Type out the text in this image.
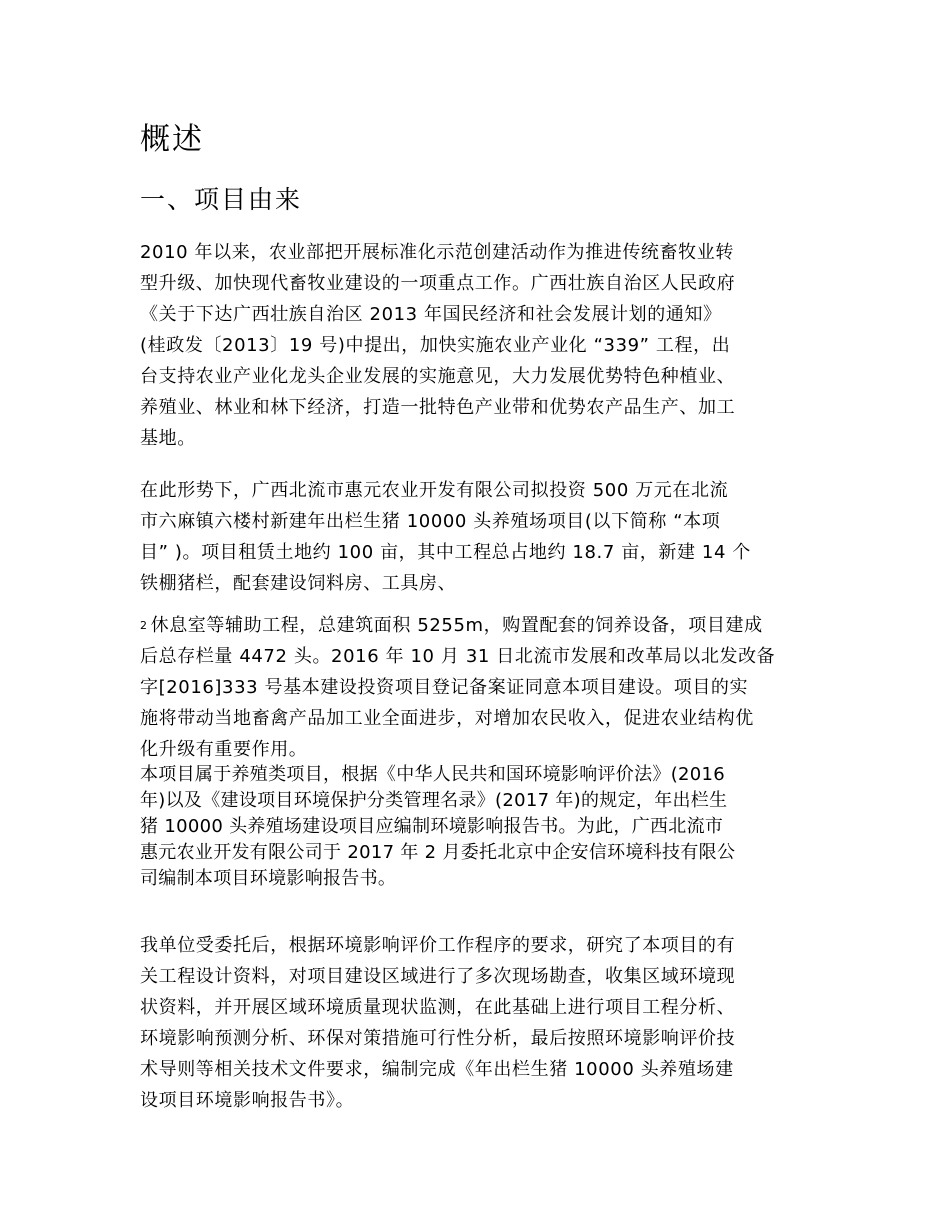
概述
一、项目由来
2010 年以来，农业部把开展标准化示范创建活动作为推进传统畜牧业转
型升级、加快现代畜牧业建设的一项重点工作。广西壮族自治区人民政府
《关于下达广西壮族自治区 2013 年国民经济和社会发展计划的通知》
(桂政发〔2013〕19 号)中提出，加快实施农业产业化 “339” 工程，出
台支持农业产业化龙头企业发展的实施意见，大力发展优势特色种植业、
养殖业、林业和林下经济，打造一批特色产业带和优势农产品生产、加工
基地。
在此形势下，广西北流市惠元农业开发有限公司拟投资 500 万元在北流
市六麻镇六楼村新建年出栏生猪 10000 头养殖场项目(以下简称 “本项
目” )。项目租赁土地约 100 亩，其中工程总占地约 18.7 亩，新建 14 个
铁棚猪栏，配套建设饲料房、工具房、
2 休息室等辅助工程，总建筑面积 5255m，购置配套的饲养设备，项目建成
后总存栏量 4472 头。2016 年 10 月 31 日北流市发展和改革局以北发改备
字[2016]333 号基本建设投资项目登记备案证同意本项目建设。项目的实
施将带动当地畜禽产品加工业全面进步，对增加农民收入，促进农业结构优
化升级有重要作用。
本项目属于养殖类项目，根据《中华人民共和国环境影响评价法》(2016
年)以及《建设项目环境保护分类管理名录》(2017 年)的规定，年出栏生
猪 10000 头养殖场建设项目应编制环境影响报告书。为此，广西北流市
惠元农业开发有限公司于 2017 年 2 月委托北京中企安信环境科技有限公
司编制本项目环境影响报告书。
我单位受委托后，根据环境影响评价工作程序的要求，研究了本项目的有
关工程设计资料，对项目建设区域进行了多次现场勘查，收集区域环境现
状资料，并开展区域环境质量现状监测，在此基础上进行项目工程分析、
环境影响预测分析、环保对策措施可行性分析，最后按照环境影响评价技
术导则等相关技术文件要求，编制完成《年出栏生猪 10000 头养殖场建
设项目环境影响报告书》。
